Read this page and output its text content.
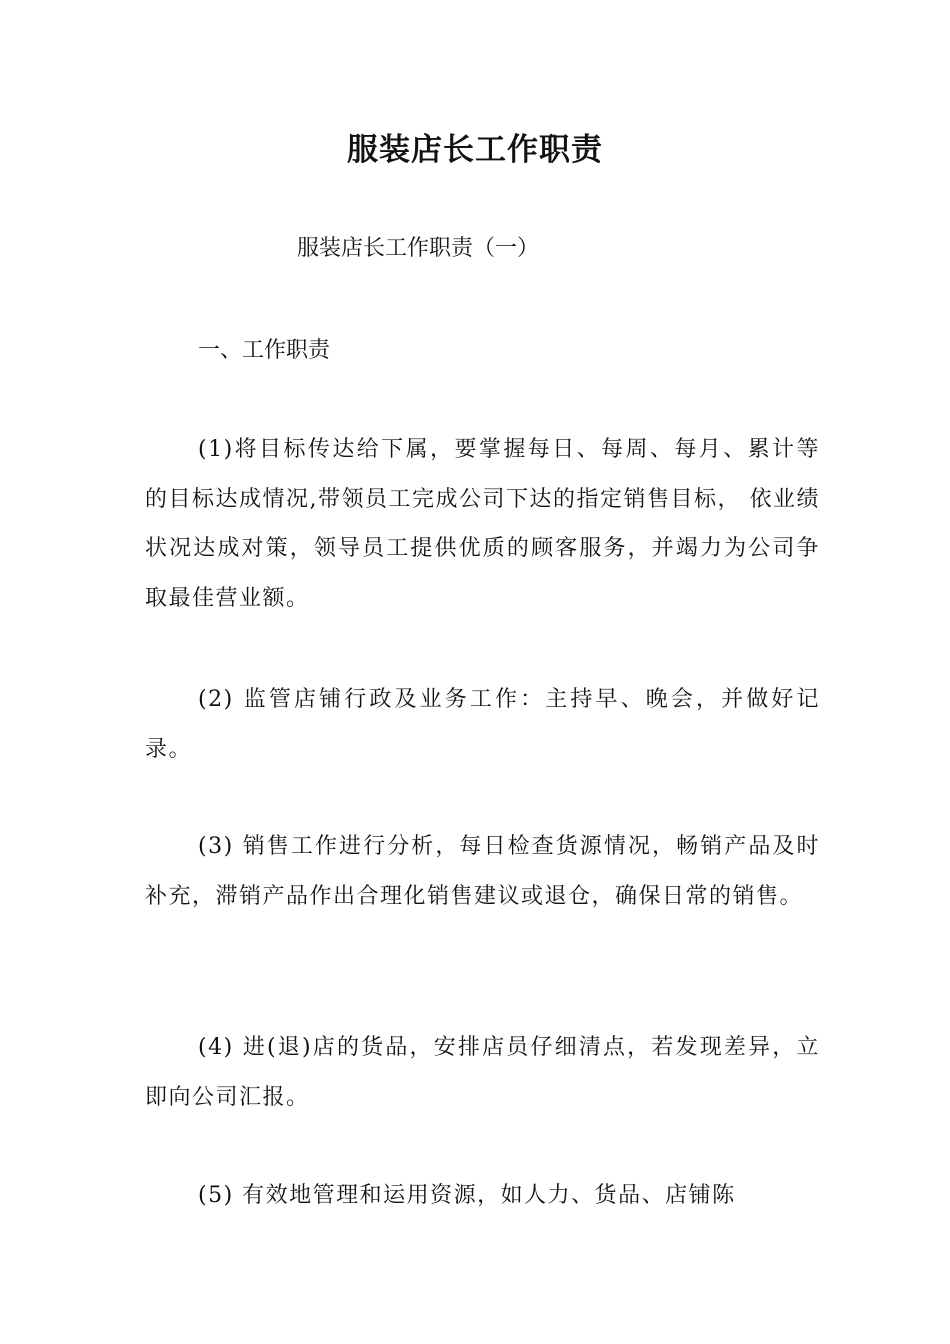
服装店长工作职责
服装店长工作职责（一）
一、工作职责

(1)将目标传达给下属，要掌握每日、每周、每月、累计等的目标达成情况,带领员工完成公司下达的指定销售目标， 依业绩状况达成对策，领导员工提供优质的顾客服务，并竭力为公司争取最佳营业额。

(2) 监管店铺行政及业务工作：主持早、晚会，并做好记录。

(3) 销售工作进行分析，每日检查货源情况，畅销产品及时补充，滞销产品作出合理化销售建议或退仓，确保日常的销售。

(4) 进(退)店的货品，安排店员仔细清点，若发现差异，立即向公司汇报。

(5) 有效地管理和运用资源，如人力、货品、店铺陈
